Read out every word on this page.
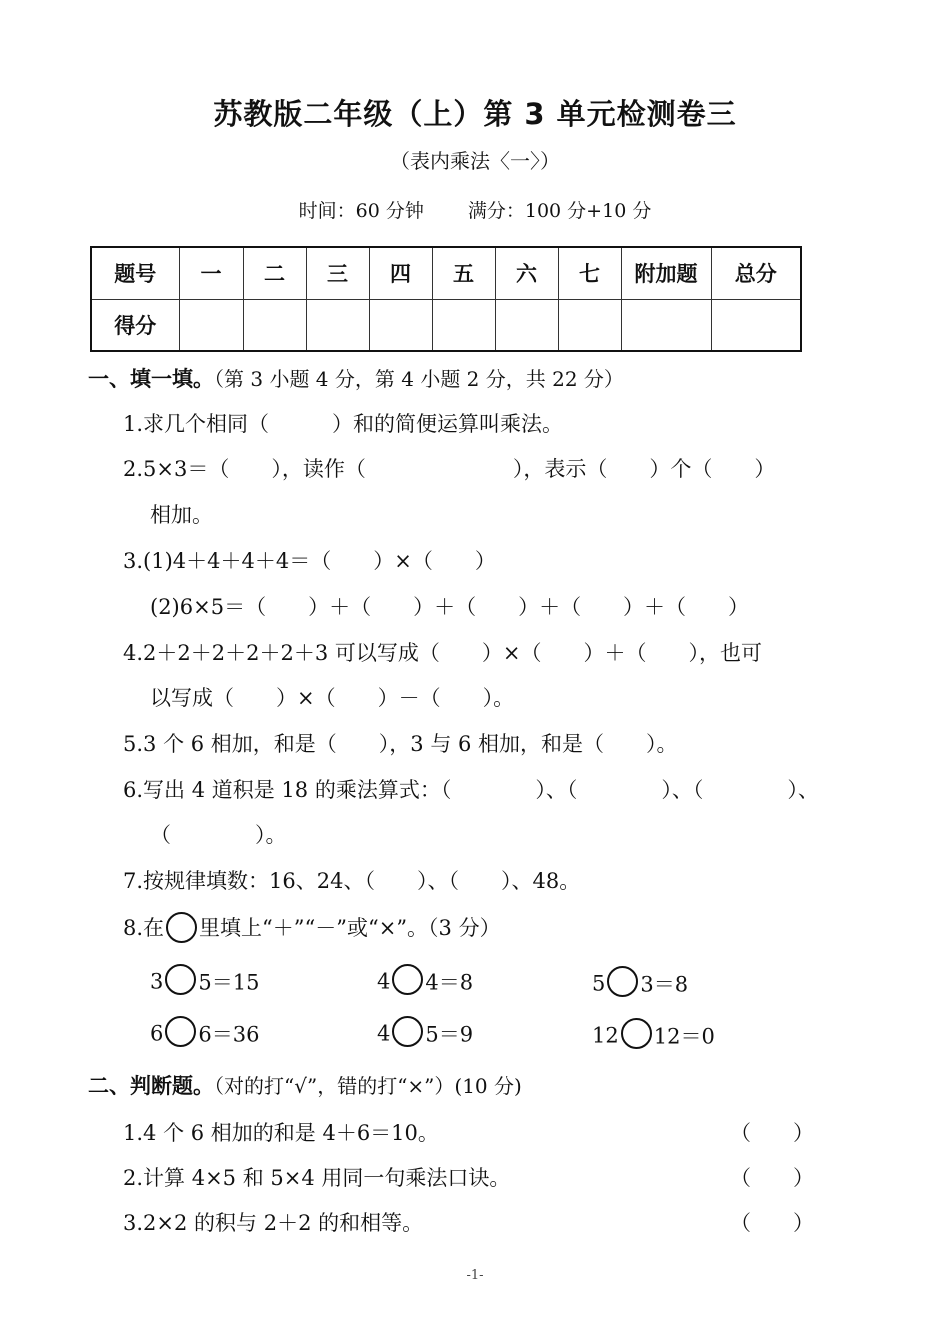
苏教版二年级（上）第 3 单元检测卷三
（表内乘法〈一〉）
时间：60 分钟 满分：100 分+10 分
题号	一	二	三	四	五	六	七	附加题	总分
得分									
一、填一填。（第 3 小题 4 分，第 4 小题 2 分，共 22 分）
1.求几个相同（　　　）和的简便运算叫乘法。
2.5×3＝（　　），读作（　　　　　　　），表示（　　）个（　　）
相加。
3.(1)4＋4＋4＋4＝（　　）×（　　）
(2)6×5＝（　　）＋（　　）＋（　　）＋（　　）＋（　　）
4.2＋2＋2＋2＋2＋3 可以写成（　　）×（　　）＋（　　），也可
以写成（　　）×（　　）－（　　）。
5.3 个 6 相加，和是（　　），3 与 6 相加，和是（　　）。
6.写出 4 道积是 18 的乘法算式：（　　　　）、（　　　　）、（　　　　）、
（　　　　）。
7.按规律填数：16、24、（　　）、（　　）、48。
8.在 里填上“＋”“－”或“×”。（3 分）
3 5＝15	4 4＝8	5 3＝8
6 6＝36	4 5＝9	12 12＝0
二、判断题。（对的打“√”，错的打“×”）(10 分)
1.4 个 6 相加的和是 4＋6＝10。	（　　）
2.计算 4×5 和 5×4 用同一句乘法口诀。	（　　）
3.2×2 的积与 2＋2 的和相等。	（　　）
-1-
